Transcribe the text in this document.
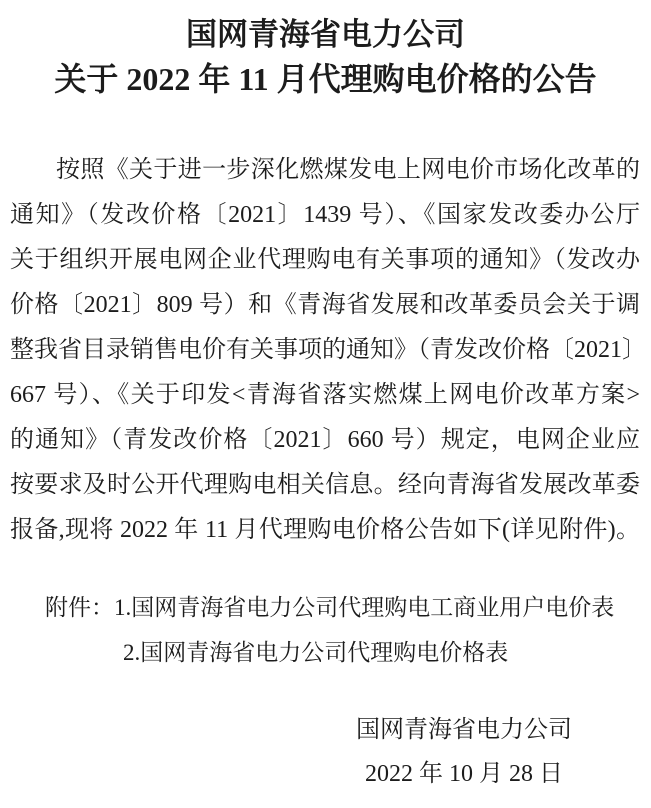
国网青海省电力公司
关于 2022 年 11 月代理购电价格的公告
按照《关于进一步深化燃煤发电上网电价市场化改革的
通知》（发改价格〔2021〕1439 号）、《国家发改委办公厅
关于组织开展电网企业代理购电有关事项的通知》（发改办
价格〔2021〕809 号）和《青海省发展和改革委员会关于调
整我省目录销售电价有关事项的通知》（青发改价格〔2021〕
667 号）、《关于印发<青海省落实燃煤上网电价改革方案>
的通知》（青发改价格〔2021〕660 号）规定，电网企业应
按要求及时公开代理购电相关信息。经向青海省发展改革委
报备,现将 2022 年 11 月代理购电价格公告如下(详见附件)。
附件：1.国网青海省电力公司代理购电工商业用户电价表
2.国网青海省电力公司代理购电价格表
国网青海省电力公司
2022 年 10 月 28 日
